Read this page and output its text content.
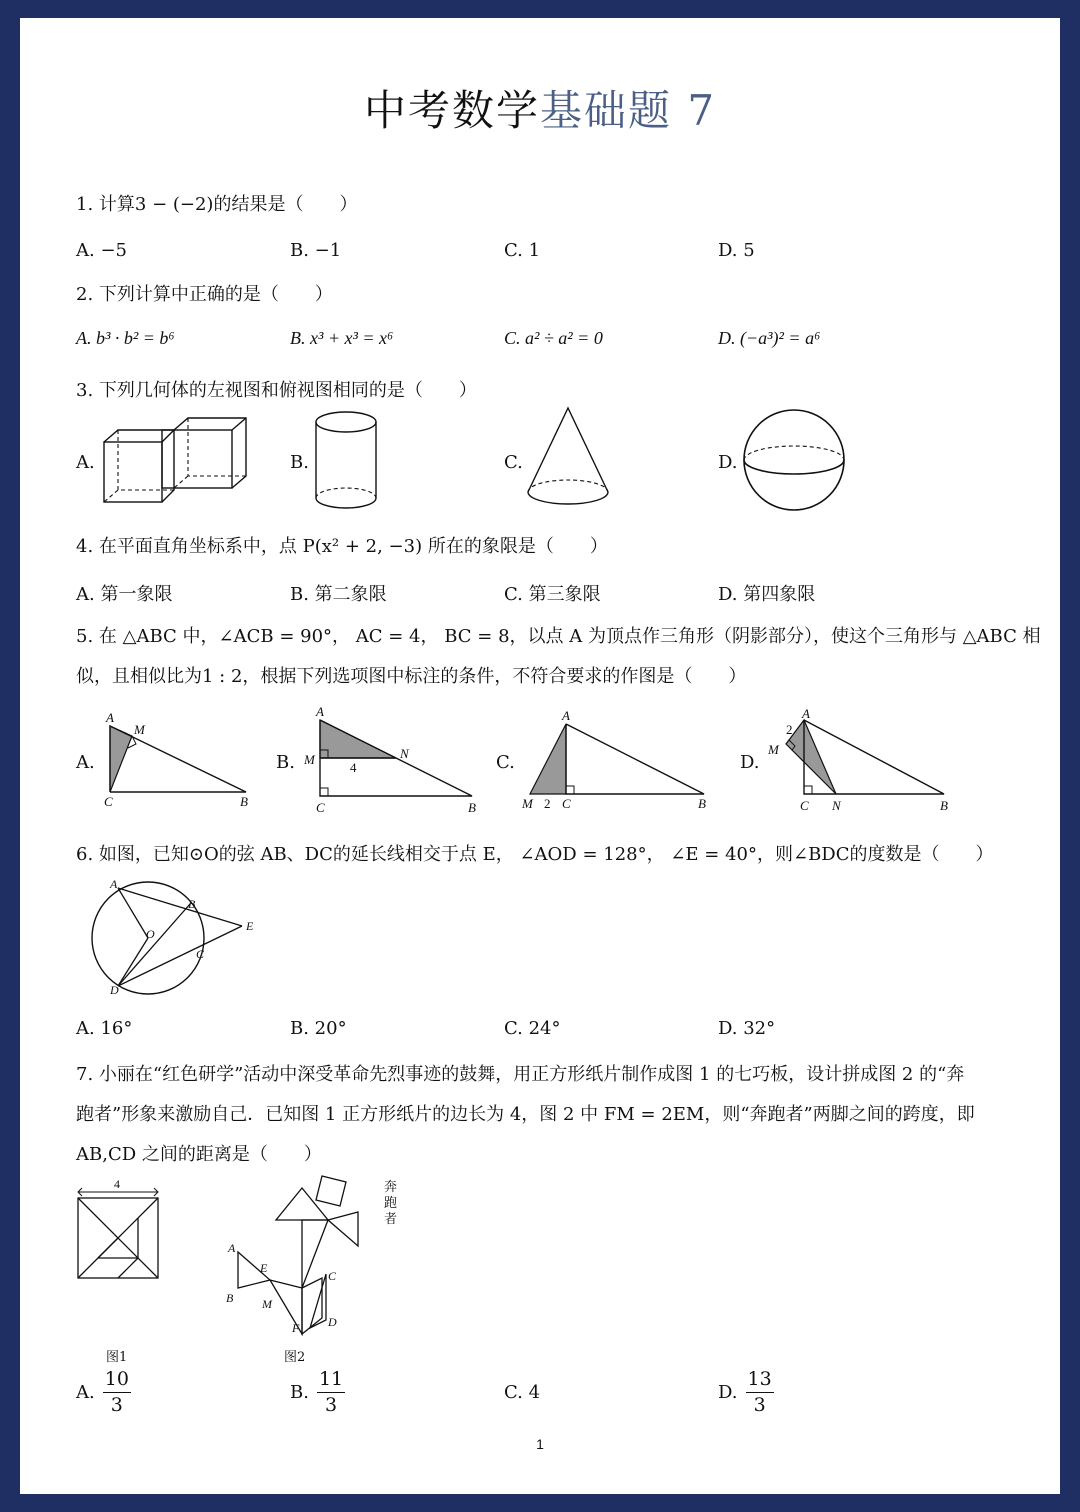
中考数学基础题 7
1. 计算3 − (−2)的结果是（　　）
A. −5	B. −1	C. 1	D. 5
2. 下列计算中正确的是（　　）
A. b³ · b² = b⁶	B. x³ + x³ = x⁶	C. a² ÷ a² = 0	D. (−a³)² = a⁶
3. 下列几何体的左视图和俯视图相同的是（　　）
A.	B.	C.	D.
4. 在平面直角坐标系中，点 P(x² + 2, −3) 所在的象限是（　　）
A. 第一象限	B. 第二象限	C. 第三象限	D. 第四象限
5. 在 △ABC 中，∠ACB = 90°， AC = 4， BC = 8，以点 A 为顶点作三角形（阴影部分），使这个三角形与 △ABC 相
似，且相似比为1 : 2，根据下列选项图中标注的条件，不符合要求的作图是（　　）
A.	B.	C.	D.
A
M
C	B
A
M	N
4
C	B
A
M 2 C	B
2
A
M
C N	B
6. 如图，已知⊙O的弦 AB、DC的延长线相交于点 E， ∠AOD = 128°， ∠E = 40°，则∠BDC的度数是（　　）
A
B
O
E
C
D
A. 16°	B. 20°	C. 24°	D. 32°
7. 小丽在“红色研学”活动中深受革命先烈事迹的鼓舞，用正方形纸片制作成图 1 的七巧板，设计拼成图 2 的“奔
跑者”形象来激励自己．已知图 1 正方形纸片的边长为 4，图 2 中 FM = 2EM，则“奔跑者”两脚之间的跨度，即
AB,CD 之间的距离是（　　）
4
图1
A
E
B M
F
C
D
奔跑者
图2
A. $\frac{10}{3}$	B. $\frac{11}{3}$	C. 4	D. $\frac{13}{3}$
1
